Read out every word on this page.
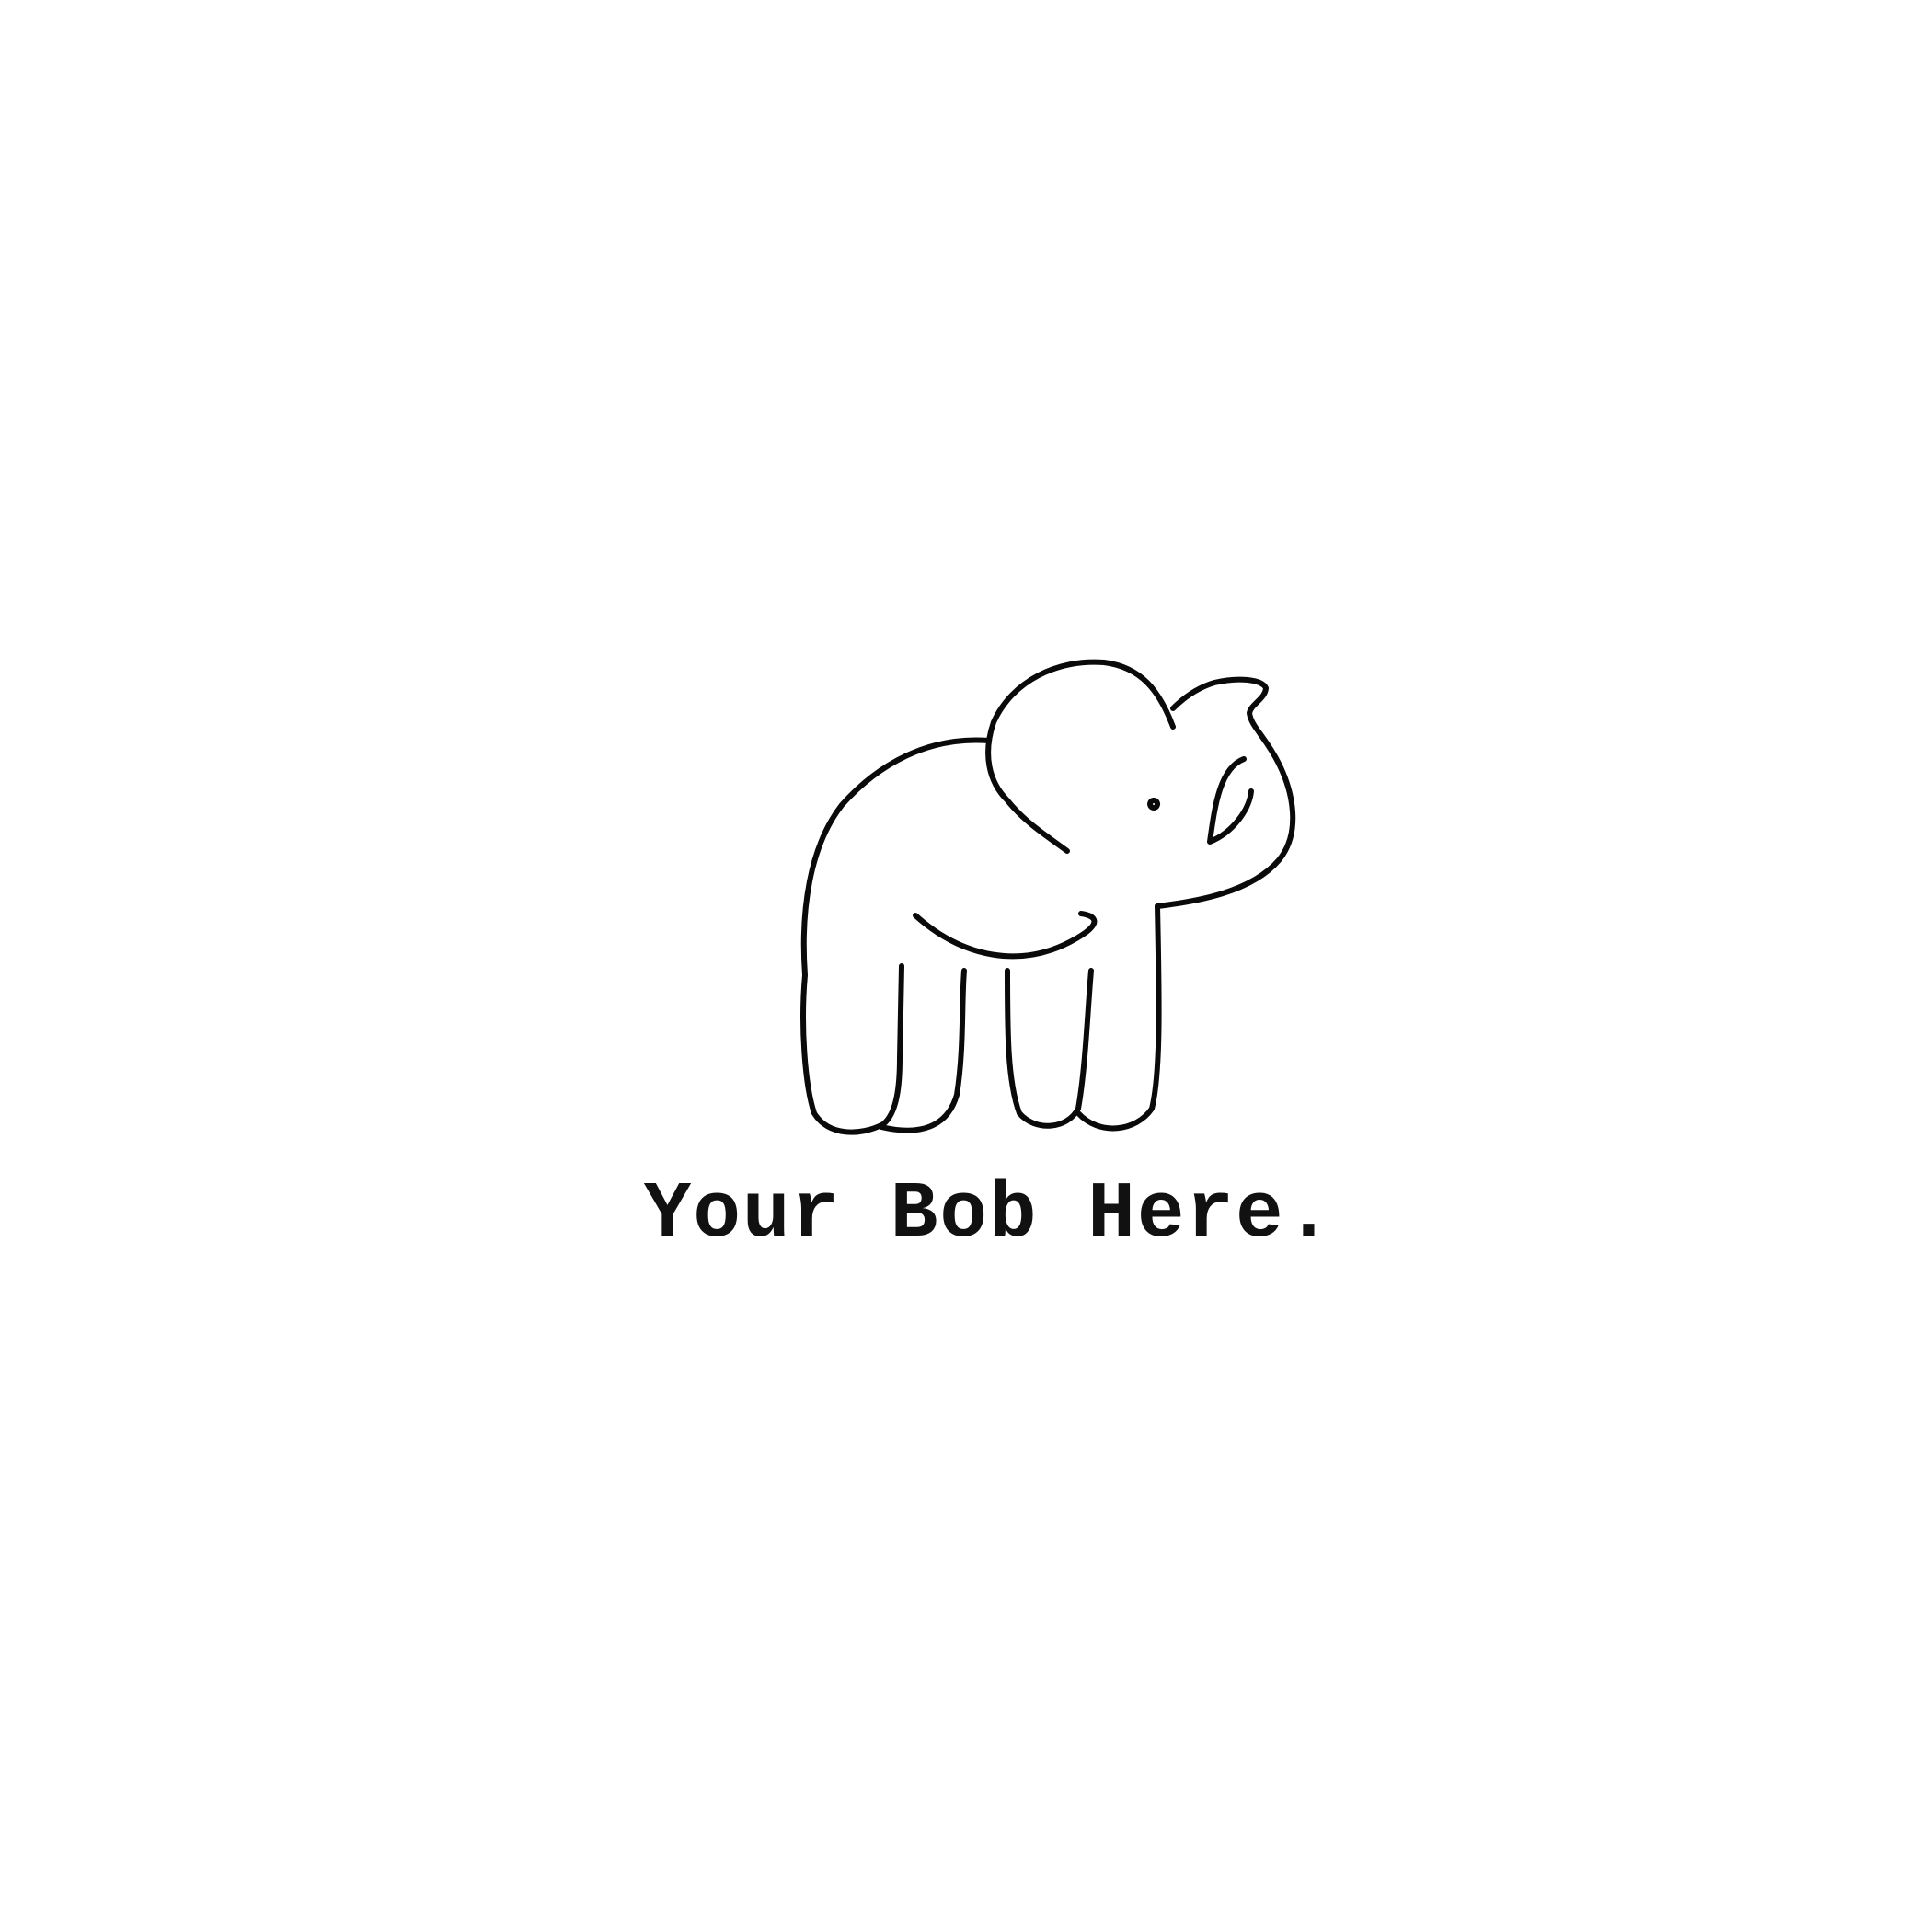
Your Bob Here.
